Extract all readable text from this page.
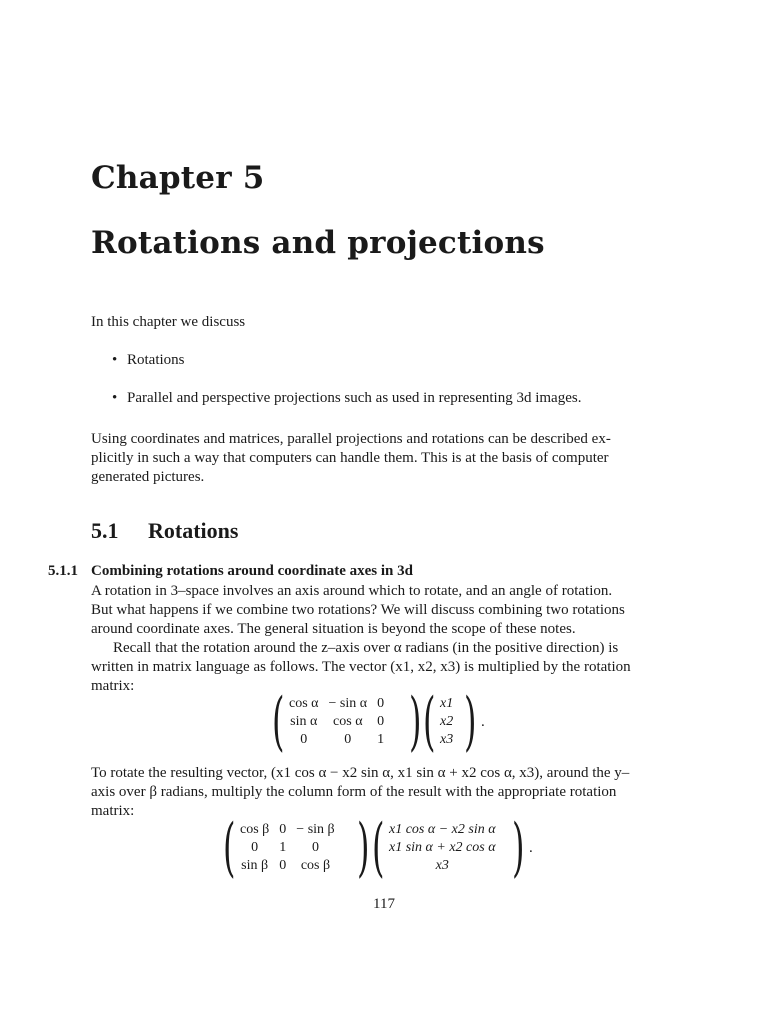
Chapter 5
Rotations and projections
In this chapter we discuss
• Rotations
• Parallel and perspective projections such as used in representing 3d images.
Using coordinates and matrices, parallel projections and rotations can be described ex-
plicitly in such a way that computers can handle them. This is at the basis of computer
generated pictures.
5.1 Rotations
5.1.1 Combining rotations around coordinate axes in 3d
A rotation in 3–space involves an axis around which to rotate, and an angle of rotation.
But what happens if we combine two rotations? We will discuss combining two rotations
around coordinate axes. The general situation is beyond the scope of these notes.
Recall that the rotation around the z–axis over α radians (in the positive direction) is
written in matrix language as follows. The vector (x1, x2, x3) is multiplied by the rotation
matrix:	( cos α	− sin α	0
sin α	cos α	0
0	0	1 ) ( x1
x2
x3 ) .
To rotate the resulting vector, (x1 cos α − x2 sin α, x1 sin α + x2 cos α, x3), around the y–
axis over β radians, multiply the column form of the result with the appropriate rotation
matrix:	( cos β	0	− sin β
0	1	0
sin β	0	cos β ) ( x1 cos α − x2 sin α
x1 sin α + x2 cos α
x3 ) .
117
